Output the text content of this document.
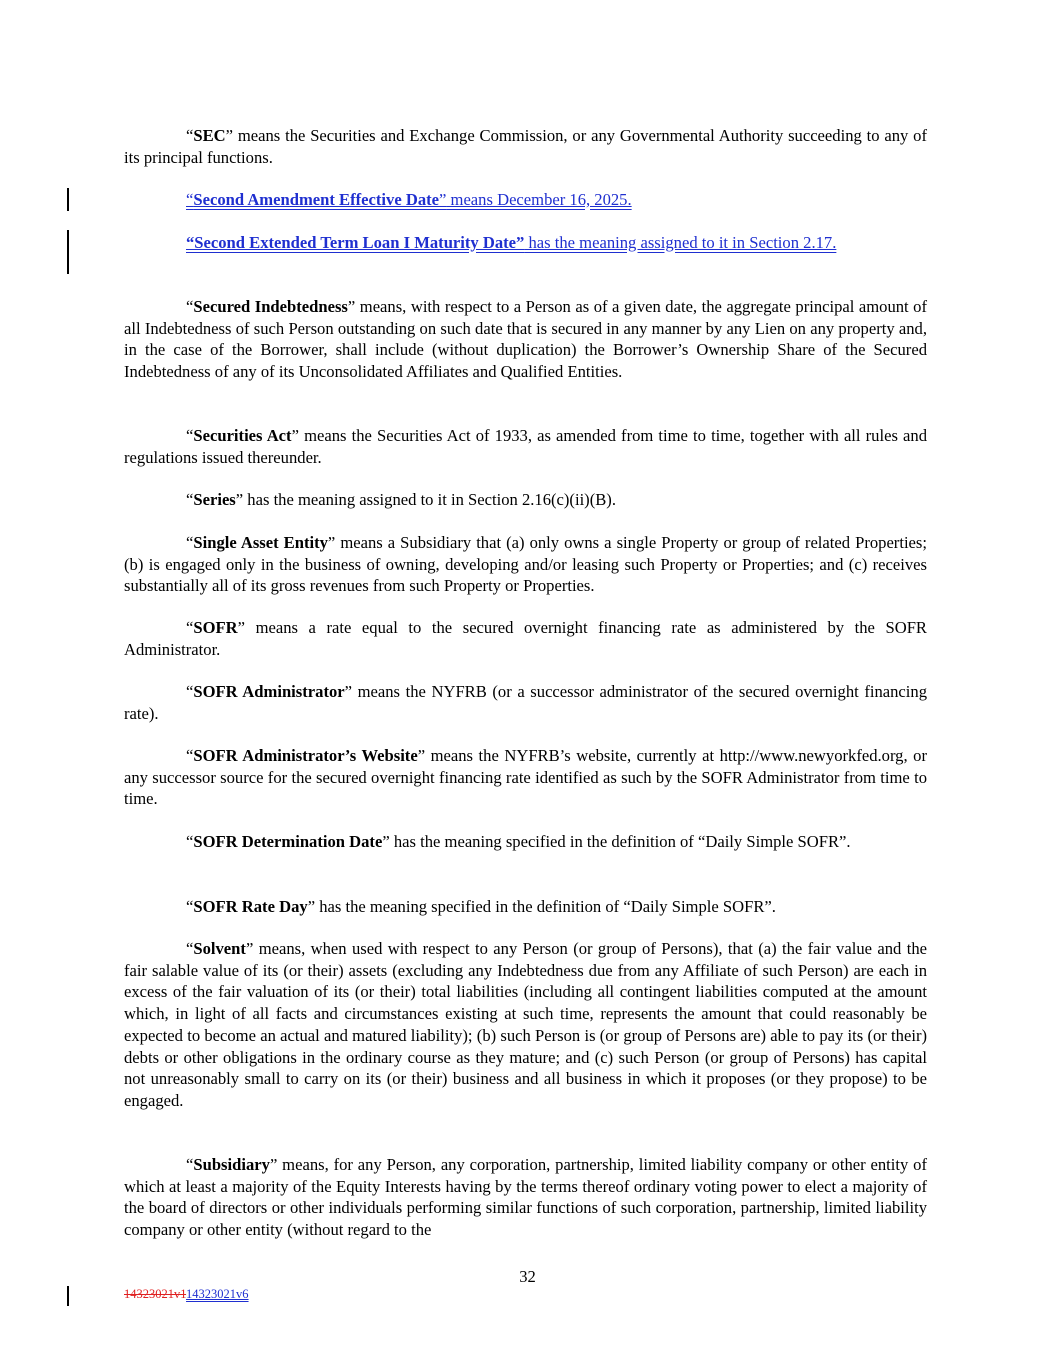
“SEC” means the Securities and Exchange Commission, or any Governmental Authority succeeding to any of its principal functions.

“Second Amendment Effective Date” means December 16, 2025.

“Second Extended Term Loan I Maturity Date” has the meaning assigned to it in Section 2.17.

“Secured Indebtedness” means, with respect to a Person as of a given date, the aggregate principal amount of all Indebtedness of such Person outstanding on such date that is secured in any manner by any Lien on any property and, in the case of the Borrower, shall include (without duplication) the Borrower’s Ownership Share of the Secured Indebtedness of any of its Unconsolidated Affiliates and Qualified Entities.

“Securities Act” means the Securities Act of 1933, as amended from time to time, together with all rules and regulations issued thereunder.

“Series” has the meaning assigned to it in Section 2.16(c)(ii)(B).

“Single Asset Entity” means a Subsidiary that (a) only owns a single Property or group of related Properties; (b) is engaged only in the business of owning, developing and/or leasing such Property or Properties; and (c) receives substantially all of its gross revenues from such Property or Properties.

“SOFR” means a rate equal to the secured overnight financing rate as administered by the SOFR Administrator.

“SOFR Administrator” means the NYFRB (or a successor administrator of the secured overnight financing rate).

“SOFR Administrator’s Website” means the NYFRB’s website, currently at http://www.newyorkfed.org, or any successor source for the secured overnight financing rate identified as such by the SOFR Administrator from time to time.

“SOFR Determination Date” has the meaning specified in the definition of “Daily Simple SOFR”.

“SOFR Rate Day” has the meaning specified in the definition of “Daily Simple SOFR”.

“Solvent” means, when used with respect to any Person (or group of Persons), that (a) the fair value and the fair salable value of its (or their) assets (excluding any Indebtedness due from any Affiliate of such Person) are each in excess of the fair valuation of its (or their) total liabilities (including all contingent liabilities computed at the amount which, in light of all facts and circumstances existing at such time, represents the amount that could reasonably be expected to become an actual and matured liability); (b) such Person is (or group of Persons are) able to pay its (or their) debts or other obligations in the ordinary course as they mature; and (c) such Person (or group of Persons) has capital not unreasonably small to carry on its (or their) business and all business in which it proposes (or they propose) to be engaged.

“Subsidiary” means, for any Person, any corporation, partnership, limited liability company or other entity of which at least a majority of the Equity Interests having by the terms thereof ordinary voting power to elect a majority of the board of directors or other individuals performing similar functions of such corporation, partnership, limited liability company or other entity (without regard to the

32
14323021v114323021v6
